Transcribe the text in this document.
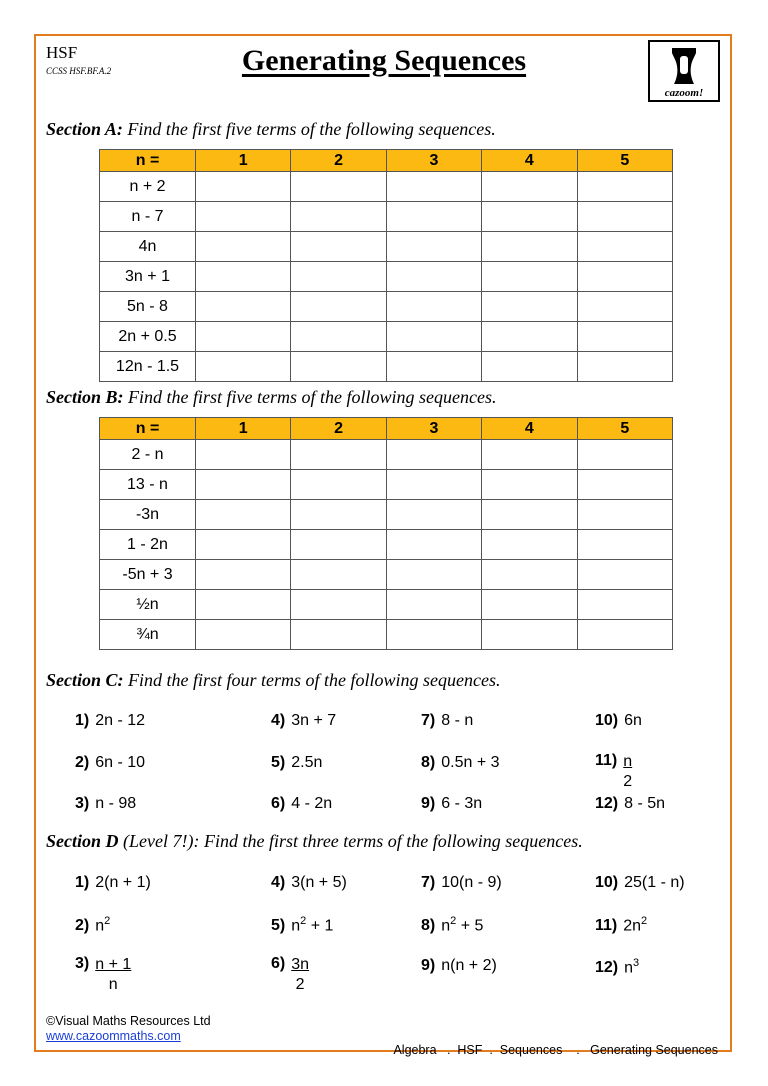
HSF
CCSS HSF.BF.A.2	Generating Sequences
cazoom!
Section A: Find the first five terms of the following sequences.
n =	1	2	3	4	5
n + 2					
n - 7					
4n					
3n + 1					
5n - 8					
2n + 0.5					
12n - 1.5					
Section B: Find the first five terms of the following sequences.
n =	1	2	3	4	5
2 - n					
13 - n					
-3n					
1 - 2n					
-5n + 3					
½n					
¾n					
Section C: Find the first four terms of the following sequences.
1) 2n - 12	4) 3n + 7	7) 8 - n	10) 6n
2) 6n - 10	5) 2.5n	8) 0.5n + 3	$11) \frac{n}{2}$
3) n - 98	6) 4 - 2n	9) 6 - 3n	12) 8 - 5n
Section D (Level 7!): Find the first three terms of the following sequences.
1) 2(n + 1)	4) 3(n + 5)	7) 10(n - 9)	10) 25(1 - n)
2) $n^2$	5) $n^2 + 1$	8) $n^2 + 5$	11) $2n^2$
$3) \frac{n + 1}{n}$	$6) \frac{3n}{2}$	9) n(n + 2)	12) $n^3$
©Visual Maths Resources Ltd
www.cazoommaths.com

Algebra   .  HSF  .  Sequences    .   Generating Sequences
